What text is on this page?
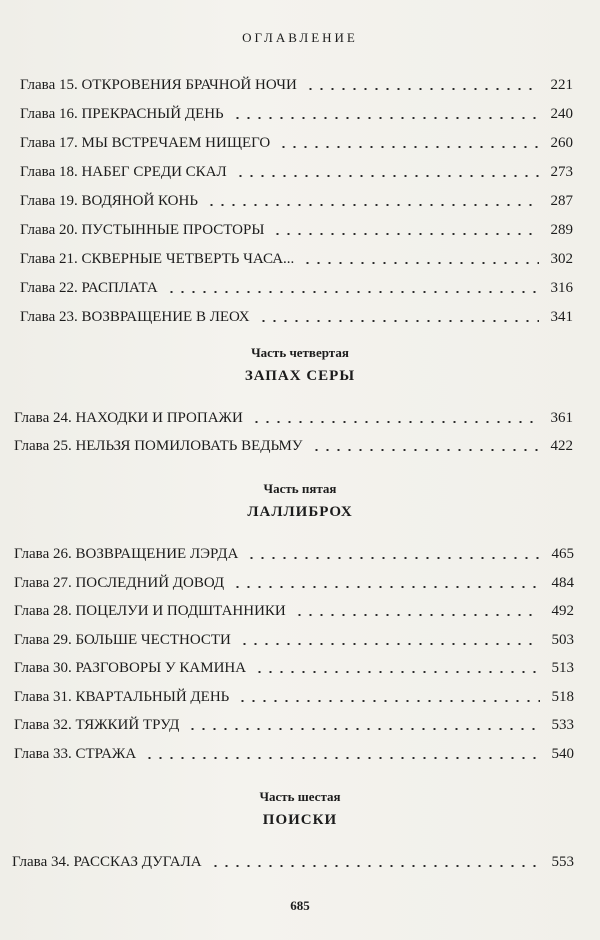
ОГЛАВЛЕНИЕ
Глава 15. ОТКРОВЕНИЯ БРАЧНОЙ НОЧИ	221
Глава 16. ПРЕКРАСНЫЙ ДЕНЬ	240
Глава 17. МЫ ВСТРЕЧАЕМ НИЩЕГО	260
Глава 18. НАБЕГ СРЕДИ СКАЛ	273
Глава 19. ВОДЯНОЙ КОНЬ	287
Глава 20. ПУСТЫННЫЕ ПРОСТОРЫ	289
Глава 21. СКВЕРНЫЕ ЧЕТВЕРТЬ ЧАСА...	302
Глава 22. РАСПЛАТА	316
Глава 23. ВОЗВРАЩЕНИЕ В ЛЕОХ	341
Часть четвертая
ЗАПАХ СЕРЫ
Глава 24. НАХОДКИ И ПРОПАЖИ	361
Глава 25. НЕЛЬЗЯ ПОМИЛОВАТЬ ВЕДЬМУ	422
Часть пятая
ЛАЛЛИБРОХ
Глава 26. ВОЗВРАЩЕНИЕ ЛЭРДА	465
Глава 27. ПОСЛЕДНИЙ ДОВОД	484
Глава 28. ПОЦЕЛУИ И ПОДШТАННИКИ	492
Глава 29. БОЛЬШЕ ЧЕСТНОСТИ	503
Глава 30. РАЗГОВОРЫ У КАМИНА	513
Глава 31. КВАРТАЛЬНЫЙ ДЕНЬ	518
Глава 32. ТЯЖКИЙ ТРУД	533
Глава 33. СТРАЖА	540
Часть шестая
ПОИСКИ
Глава 34. РАССКАЗ ДУГАЛА	553
685
